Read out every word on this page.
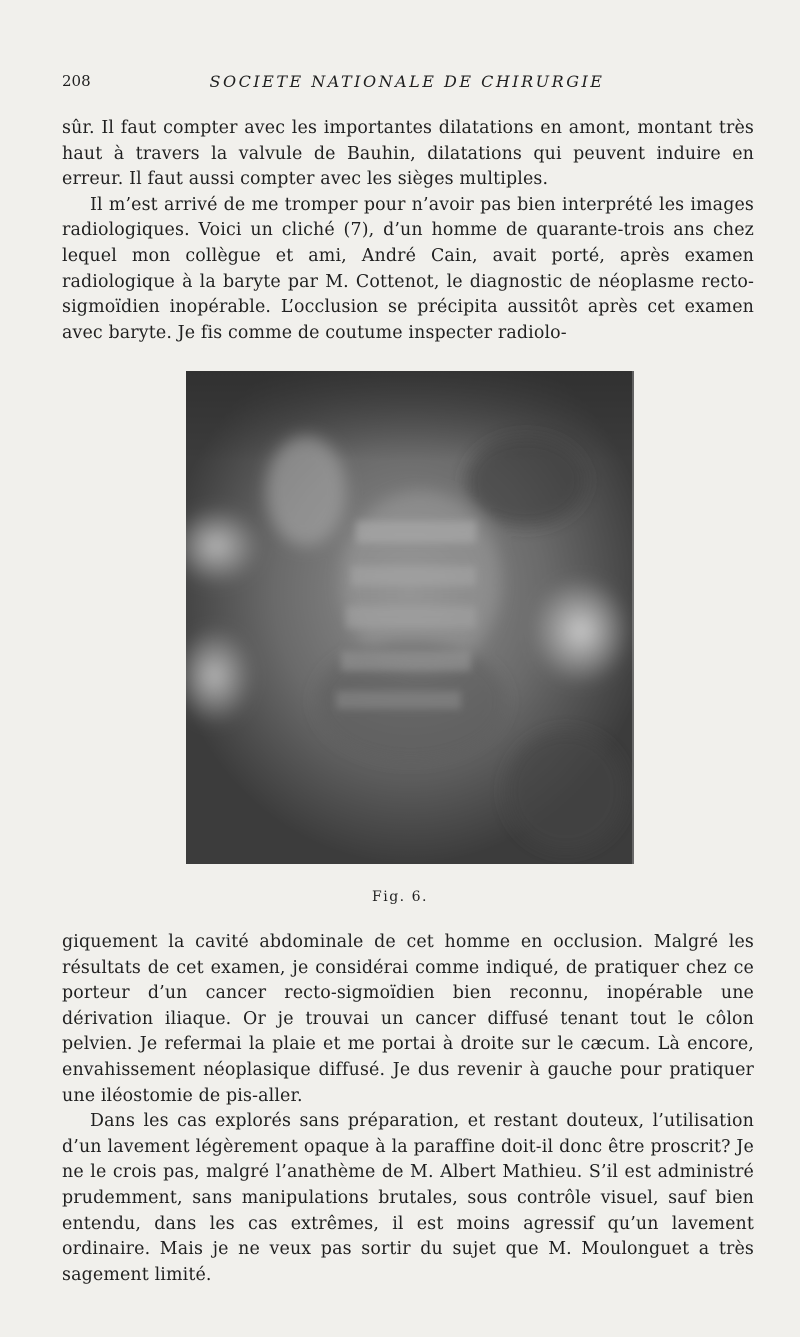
208	SOCIETE NATIONALE DE CHIRURGIE

sûr. Il faut compter avec les importantes dilatations en amont, montant très haut à travers la valvule de Bauhin, dilatations qui peuvent induire en erreur. Il faut aussi compter avec les sièges multiples.

Il m’est arrivé de me tromper pour n’avoir pas bien interprété les images radiologiques. Voici un cliché (7), d’un homme de quarante-trois ans chez lequel mon collègue et ami, André Cain, avait porté, après examen radiologique à la baryte par M. Cottenot, le diagnostic de néoplasme recto-sigmoïdien inopérable. L’occlusion se précipita aussitôt après cet examen avec baryte. Je fis comme de coutume inspecter radiolo-

Fig. 6.

giquement la cavité abdominale de cet homme en occlusion. Malgré les résultats de cet examen, je considérai comme indiqué, de pratiquer chez ce porteur d’un cancer recto-sigmoïdien bien reconnu, inopérable une dérivation iliaque. Or je trouvai un cancer diffusé tenant tout le côlon pelvien. Je refermai la plaie et me portai à droite sur le cæcum. Là encore, envahissement néoplasique diffusé. Je dus revenir à gauche pour pratiquer une iléostomie de pis-aller.

Dans les cas explorés sans préparation, et restant douteux, l’utilisation d’un lavement légèrement opaque à la paraffine doit-il donc être proscrit? Je ne le crois pas, malgré l’anathème de M. Albert Mathieu. S’il est administré prudemment, sans manipulations brutales, sous contrôle visuel, sauf bien entendu, dans les cas extrêmes, il est moins agressif qu’un lavement ordinaire. Mais je ne veux pas sortir du sujet que M. Moulonguet a très sagement limité.
